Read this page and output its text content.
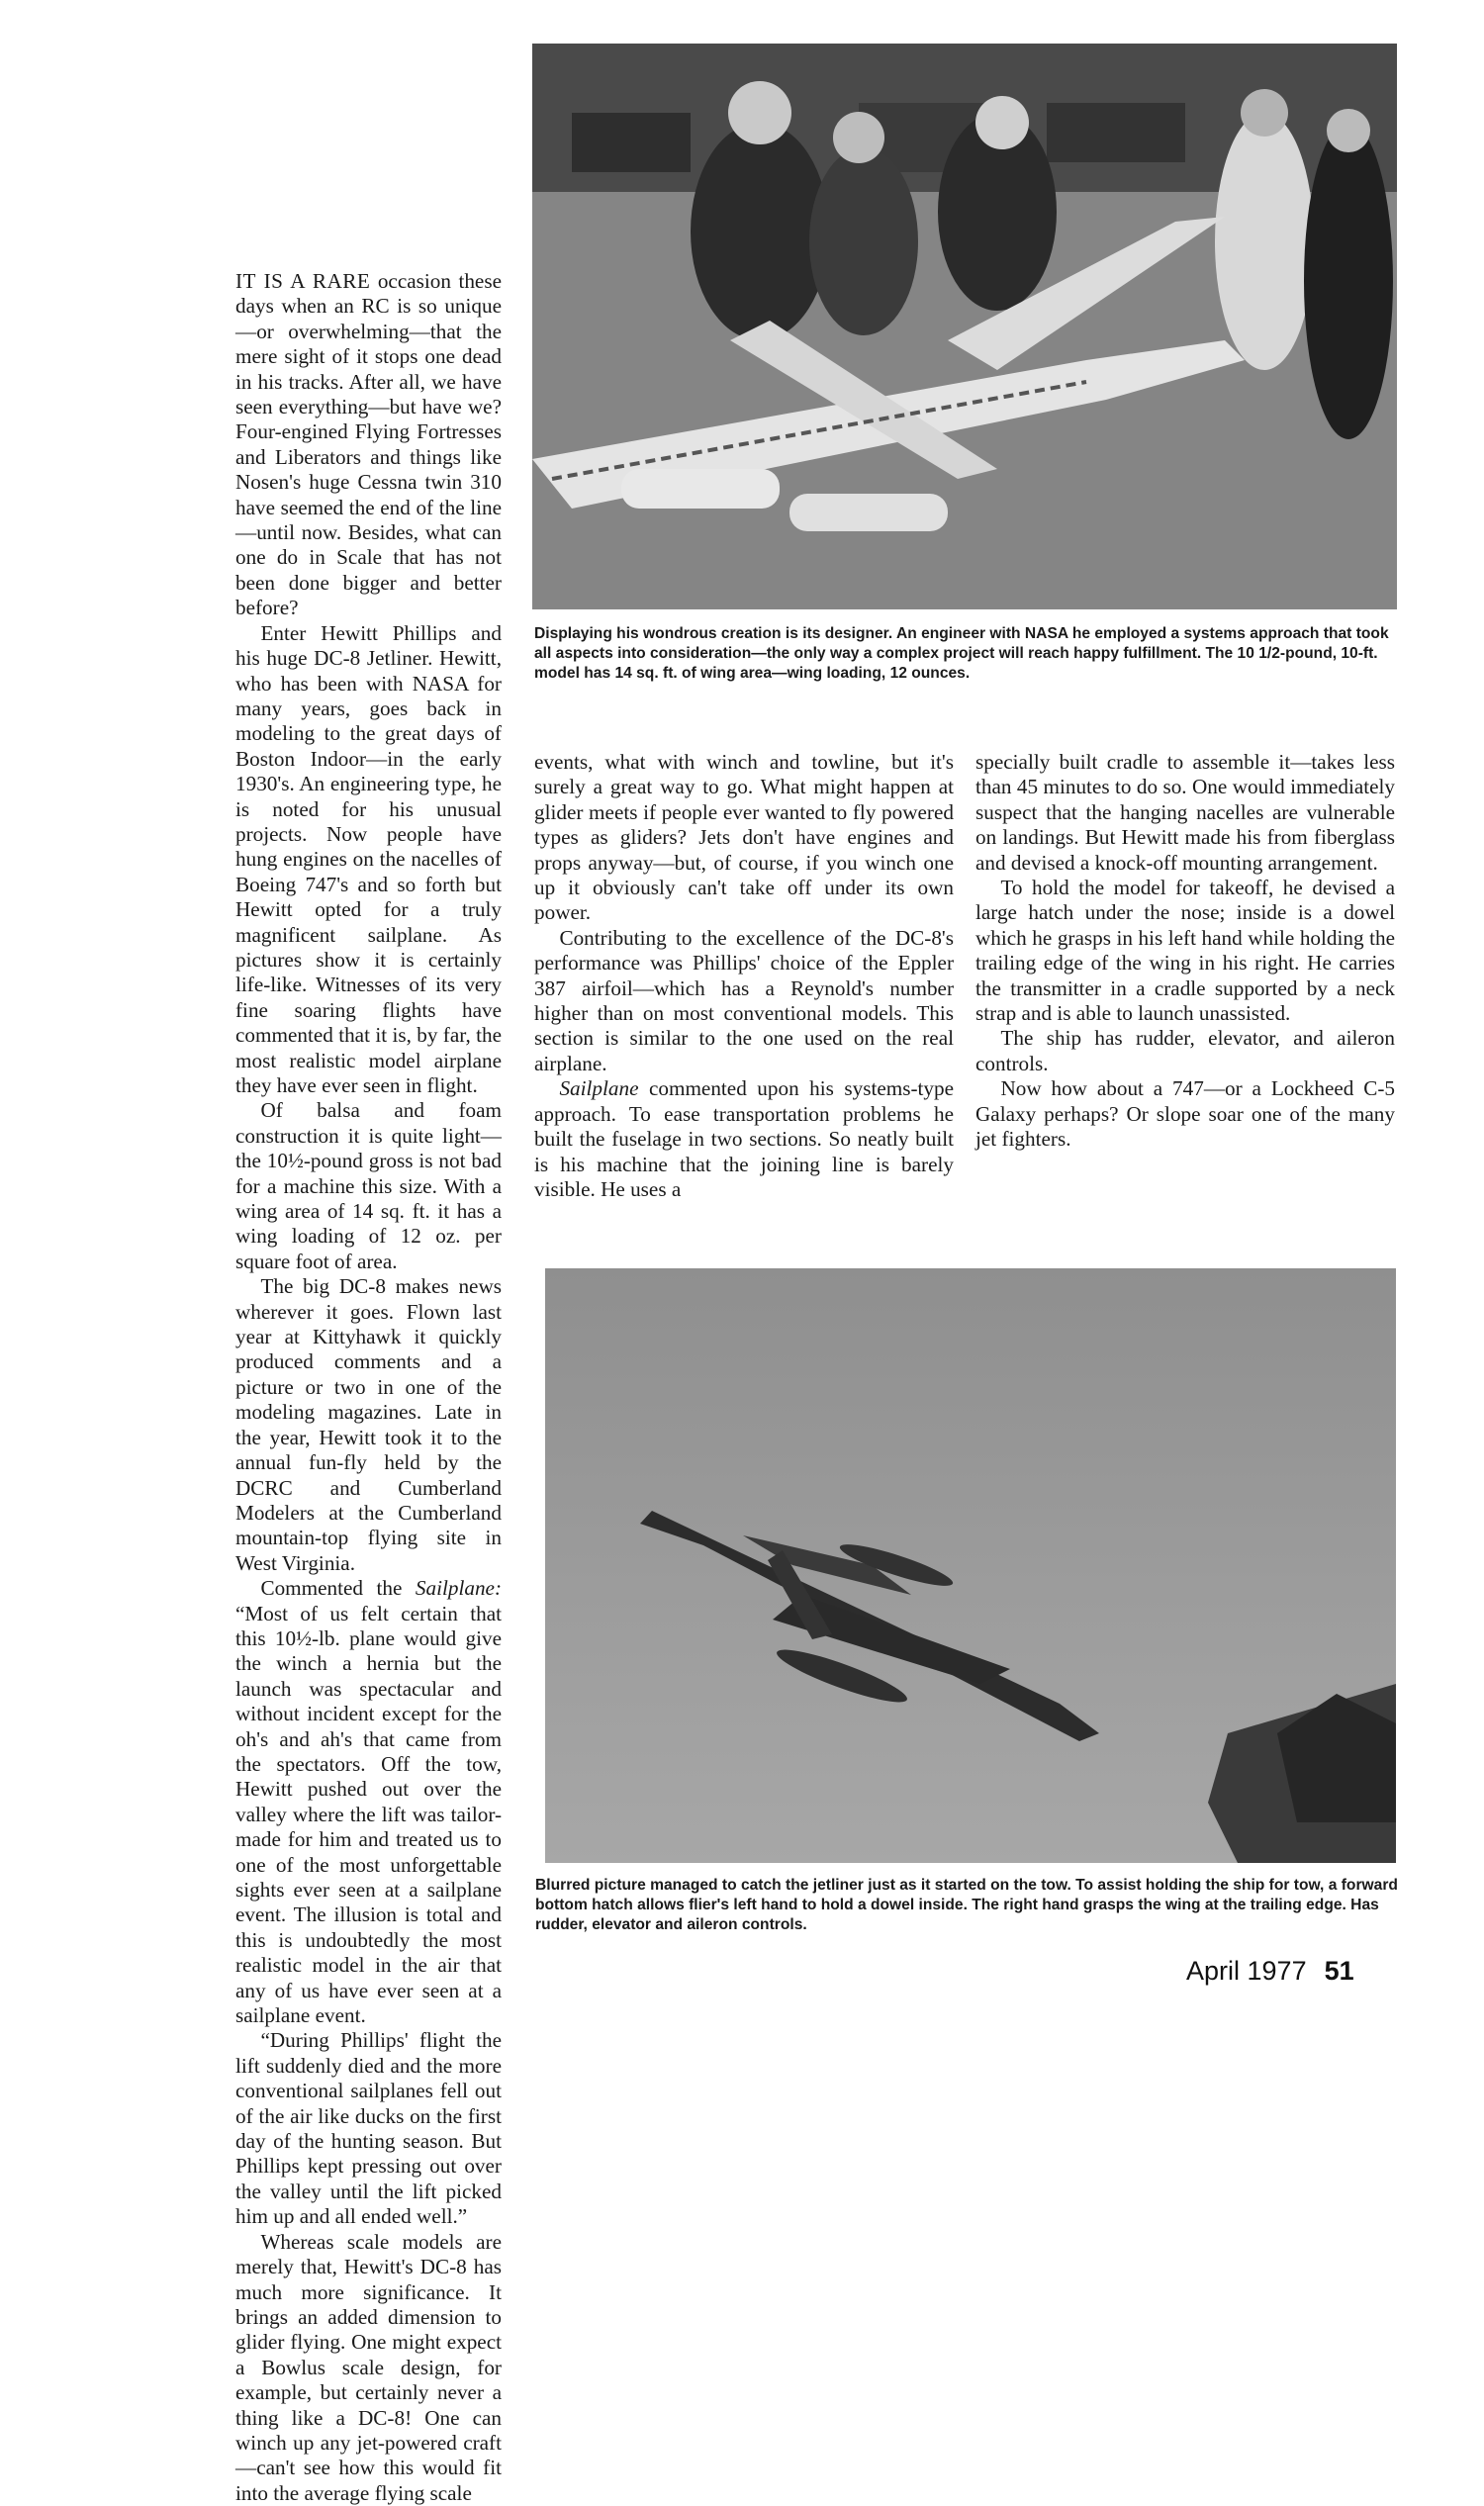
IT IS A RARE occasion these days when an RC is so unique—or overwhelming—that the mere sight of it stops one dead in his tracks. After all, we have seen everything—but have we? Four-engined Flying Fortresses and Liberators and things like Nosen's huge Cessna twin 310 have seemed the end of the line—until now. Besides, what can one do in Scale that has not been done bigger and better before?

Enter Hewitt Phillips and his huge DC-8 Jetliner. Hewitt, who has been with NASA for many years, goes back in modeling to the great days of Boston Indoor—in the early 1930's. An engineering type, he is noted for his unusual projects. Now people have hung engines on the nacelles of Boeing 747's and so forth but Hewitt opted for a truly magnificent sailplane. As pictures show it is certainly life-like. Witnesses of its very fine soaring flights have commented that it is, by far, the most realistic model airplane they have ever seen in flight.

Of balsa and foam construction it is quite light—the 10½-pound gross is not bad for a machine this size. With a wing area of 14 sq. ft. it has a wing loading of 12 oz. per square foot of area.

The big DC-8 makes news wherever it goes. Flown last year at Kittyhawk it quickly produced comments and a picture or two in one of the modeling magazines. Late in the year, Hewitt took it to the annual fun-fly held by the DCRC and Cumberland Modelers at the Cumberland mountain-top flying site in West Virginia.

Commented the Sailplane: “Most of us felt certain that this 10½-lb. plane would give the winch a hernia but the launch was spectacular and without incident except for the oh's and ah's that came from the spectators. Off the tow, Hewitt pushed out over the valley where the lift was tailor-made for him and treated us to one of the most unforgettable sights ever seen at a sailplane event. The illusion is total and this is undoubtedly the most realistic model in the air that any of us have ever seen at a sailplane event.

“During Phillips' flight the lift suddenly died and the more conventional sailplanes fell out of the air like ducks on the first day of the hunting season. But Phillips kept pressing out over the valley until the lift picked him up and all ended well.”

Whereas scale models are merely that, Hewitt's DC-8 has much more significance. It brings an added dimension to glider flying. One might expect a Bowlus scale design, for example, but certainly never a thing like a DC-8! One can winch up any jet-powered craft—can't see how this would fit into the average flying scale

Displaying his wondrous creation is its designer. An engineer with NASA he employed a systems approach that took all aspects into consideration—the only way a complex project will reach happy fulfillment. The 10 1/2-pound, 10-ft. model has 14 sq. ft. of wing area—wing loading, 12 ounces.

events, what with winch and towline, but it's surely a great way to go. What might happen at glider meets if people ever wanted to fly powered types as gliders? Jets don't have engines and props anyway—but, of course, if you winch one up it obviously can't take off under its own power.

Contributing to the excellence of the DC-8's performance was Phillips' choice of the Eppler 387 airfoil—which has a Reynold's number higher than on most conventional models. This section is similar to the one used on the real airplane.

Sailplane commented upon his systems-type approach. To ease transportation problems he built the fuselage in two sections. So neatly built is his machine that the joining line is barely visible. He uses a

specially built cradle to assemble it—takes less than 45 minutes to do so. One would immediately suspect that the hanging nacelles are vulnerable on landings. But Hewitt made his from fiberglass and devised a knock-off mounting arrangement.

To hold the model for takeoff, he devised a large hatch under the nose; inside is a dowel which he grasps in his left hand while holding the trailing edge of the wing in his right. He carries the transmitter in a cradle supported by a neck strap and is able to launch unassisted.

The ship has rudder, elevator, and aileron controls.

Now how about a 747—or a Lockheed C-5 Galaxy perhaps? Or slope soar one of the many jet fighters.

Blurred picture managed to catch the jetliner just as it started on the tow. To assist holding the ship for tow, a forward bottom hatch allows flier's left hand to hold a dowel inside. The right hand grasps the wing at the trailing edge. Has rudder, elevator and aileron controls.
April 1977 51
